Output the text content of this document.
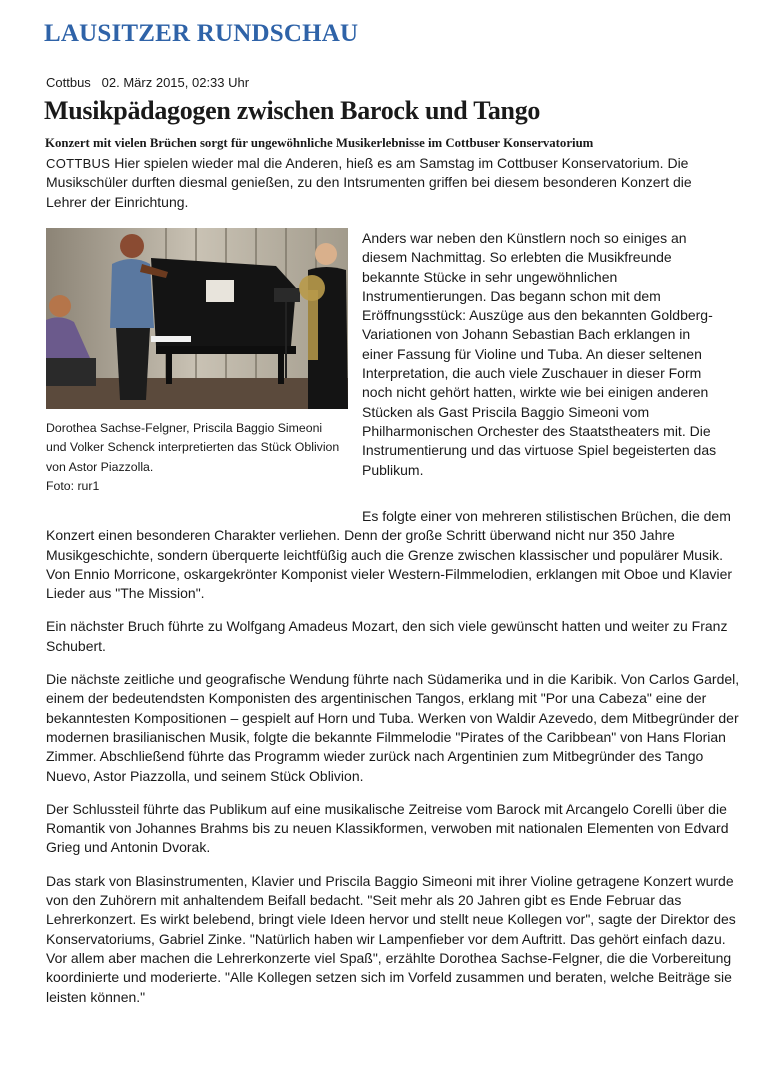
LAUSITZER RUNDSCHAU
Cottbus 02. März 2015, 02:33 Uhr
Musikpädagogen zwischen Barock und Tango
Konzert mit vielen Brüchen sorgt für ungewöhnliche Musikerlebnisse im Cottbuser Konservatorium
COTTBUS Hier spielen wieder mal die Anderen, hieß es am Samstag im Cottbuser Konservatorium. Die Musikschüler durften diesmal genießen, zu den Intsrumenten griffen bei diesem besonderen Konzert die Lehrer der Einrichtung.
Dorothea Sachse-Felgner, Priscila Baggio Simeoni und Volker Schenck interpretierten das Stück Oblivion von Astor Piazzolla.
Foto: rur1
Anders war neben den Künstlern noch so einiges an diesem Nachmittag. So erlebten die Musikfreunde bekannte Stücke in sehr ungewöhnlichen Instrumentierungen. Das begann schon mit dem Eröffnungsstück: Auszüge aus den bekannten Goldberg-Variationen von Johann Sebastian Bach erklangen in einer Fassung für Violine und Tuba. An dieser seltenen Interpretation, die auch viele Zuschauer in dieser Form noch nicht gehört hatten, wirkte wie bei einigen anderen Stücken als Gast Priscila Baggio Simeoni vom Philharmonischen Orchester des Staatstheaters mit. Die Instrumentierung und das virtuose Spiel begeisterten das Publikum.

Es folgte einer von mehreren stilistischen Brüchen, die dem Konzert einen besonderen Charakter verliehen. Denn der große Schritt überwand nicht nur 350 Jahre Musikgeschichte, sondern überquerte leichtfüßig auch die Grenze zwischen klassischer und populärer Musik. Von Ennio Morricone, oskargekrönter Komponist vieler Western-Filmmelodien, erklangen mit Oboe und Klavier Lieder aus "The Mission".

Ein nächster Bruch führte zu Wolfgang Amadeus Mozart, den sich viele gewünscht hatten und weiter zu Franz Schubert.

Die nächste zeitliche und geografische Wendung führte nach Südamerika und in die Karibik. Von Carlos Gardel, einem der bedeutendsten Komponisten des argentinischen Tangos, erklang mit "Por una Cabeza" eine der bekanntesten Kompositionen – gespielt auf Horn und Tuba. Werken von Waldir Azevedo, dem Mitbegründer der modernen brasilianischen Musik, folgte die bekannte Filmmelodie "Pirates of the Caribbean" von Hans Florian Zimmer. Abschließend führte das Programm wieder zurück nach Argentinien zum Mitbegründer des Tango Nuevo, Astor Piazzolla, und seinem Stück Oblivion.

Der Schlussteil führte das Publikum auf eine musikalische Zeitreise vom Barock mit Arcangelo Corelli über die Romantik von Johannes Brahms bis zu neuen Klassikformen, verwoben mit nationalen Elementen von Edvard Grieg und Antonin Dvorak.

Das stark von Blasinstrumenten, Klavier und Priscila Baggio Simeoni mit ihrer Violine getragene Konzert wurde von den Zuhörern mit anhaltendem Beifall bedacht. "Seit mehr als 20 Jahren gibt es Ende Februar das Lehrerkonzert. Es wirkt belebend, bringt viele Ideen hervor und stellt neue Kollegen vor", sagte der Direktor des Konservatoriums, Gabriel Zinke. "Natürlich haben wir Lampenfieber vor dem Auftritt. Das gehört einfach dazu. Vor allem aber machen die Lehrerkonzerte viel Spaß", erzählte Dorothea Sachse-Felgner, die die Vorbereitung koordinierte und moderierte. "Alle Kollegen setzen sich im Vorfeld zusammen und beraten, welche Beiträge sie leisten können."
